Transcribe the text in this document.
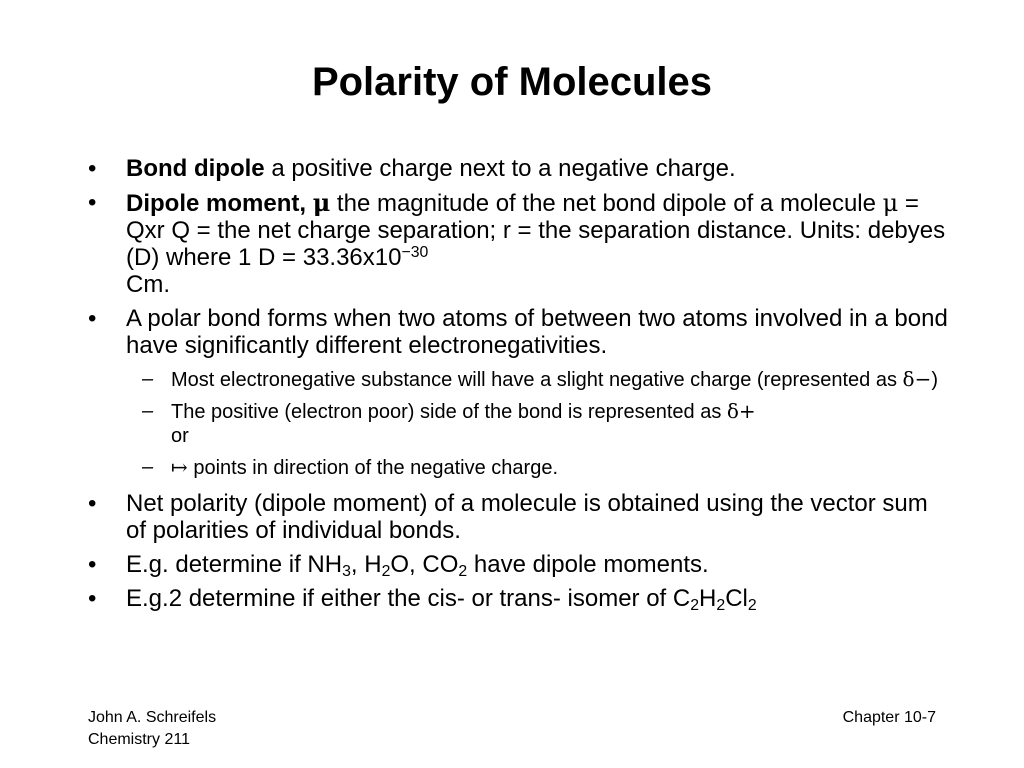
Polarity of Molecules
• Bond dipole a positive charge next to a negative charge.
• Dipole moment, μ the magnitude of the net bond dipole of a molecule μ = Qxr Q = the net charge separation; r = the separation distance. Units: debyes (D) where 1 $D = 33.36x10^{-30}$
Cm.
• A polar bond forms when two atoms of between two atoms involved in a bond have significantly different electronegativities.
– Most electronegative substance will have a slight negative charge (represented as δ−)
– The positive (electron poor) side of the bond is represented as δ+
or
– ↦ points in direction of the negative charge.
• Net polarity (dipole moment) of a molecule is obtained using the vector sum of polarities of individual bonds.
• E.g. determine if $NH_3$, $H_2O$, $CO_2$ have dipole moments.
• E.g.2 determine if either the cis- or trans- isomer of $C_2H_2Cl_2$
John A. Schreifels
Chemistry 211
Chapter 10-7
